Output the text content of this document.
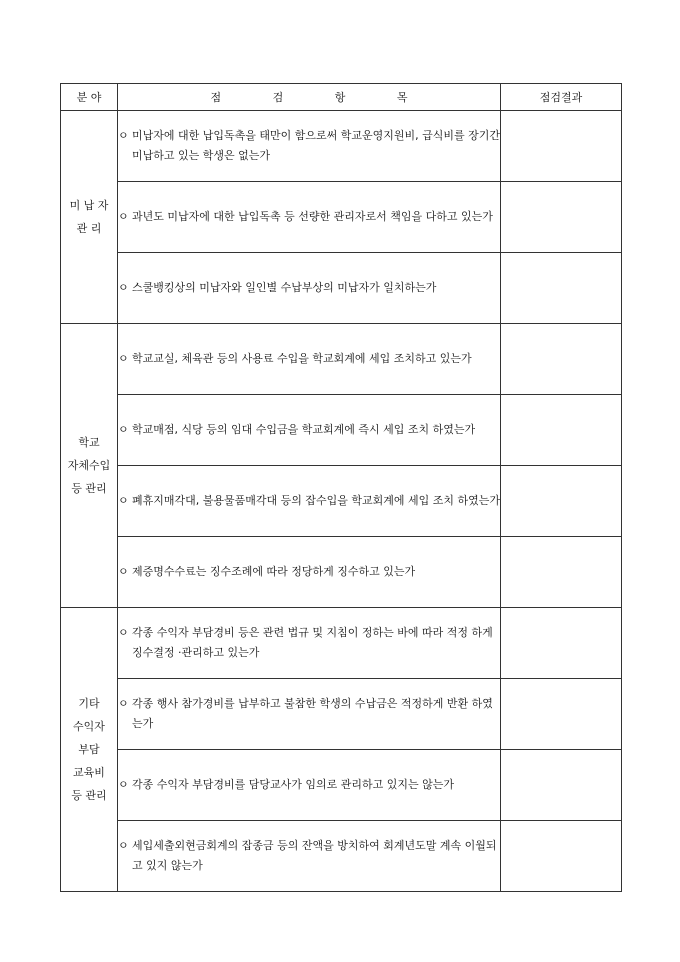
분 야	점 검 항 목	점검결과
미 납 자
관 리	ㅇ 미납자에 대한 납입독촉을 태만이 함으로써 학교운영지원비, 급식비를 장기간 미납하고 있는 학생은 없는가	

	ㅇ 과년도 미납자에 대한 납입독촉 등 선량한 관리자로서 책임을 다하고 있는가	

	ㅇ 스쿨뱅킹상의 미납자와 일인별 수납부상의 미납자가 일치하는가	

학교
자체수입
등 관리	ㅇ 학교교실, 체육관 등의 사용료 수입을 학교회계에 세입 조치하고 있는가	

	ㅇ 학교매점, 식당 등의 임대 수입금을 학교회계에 즉시 세입 조치 하였는가	

	ㅇ 폐휴지매각대, 불용물품매각대 등의 잡수입을 학교회계에 세입 조치 하였는가	

	ㅇ 제증명수수료는 징수조례에 따라 정당하게 징수하고 있는가	

기타
수익자
부담
교육비
등 관리	ㅇ 각종 수익자 부담경비 등은 관련 법규 및 지침이 정하는 바에 따라 적정 하게 징수결정 ·관리하고 있는가	

	ㅇ 각종 행사 참가경비를 납부하고 불참한 학생의 수납금은 적정하게 반환 하였는가	

	ㅇ 각종 수익자 부담경비를 담당교사가 임의로 관리하고 있지는 않는가	

	ㅇ 세입세출외현금회계의 잡종금 등의 잔액을 방치하여 회계년도말 계속 이월되고 있지 않는가	
